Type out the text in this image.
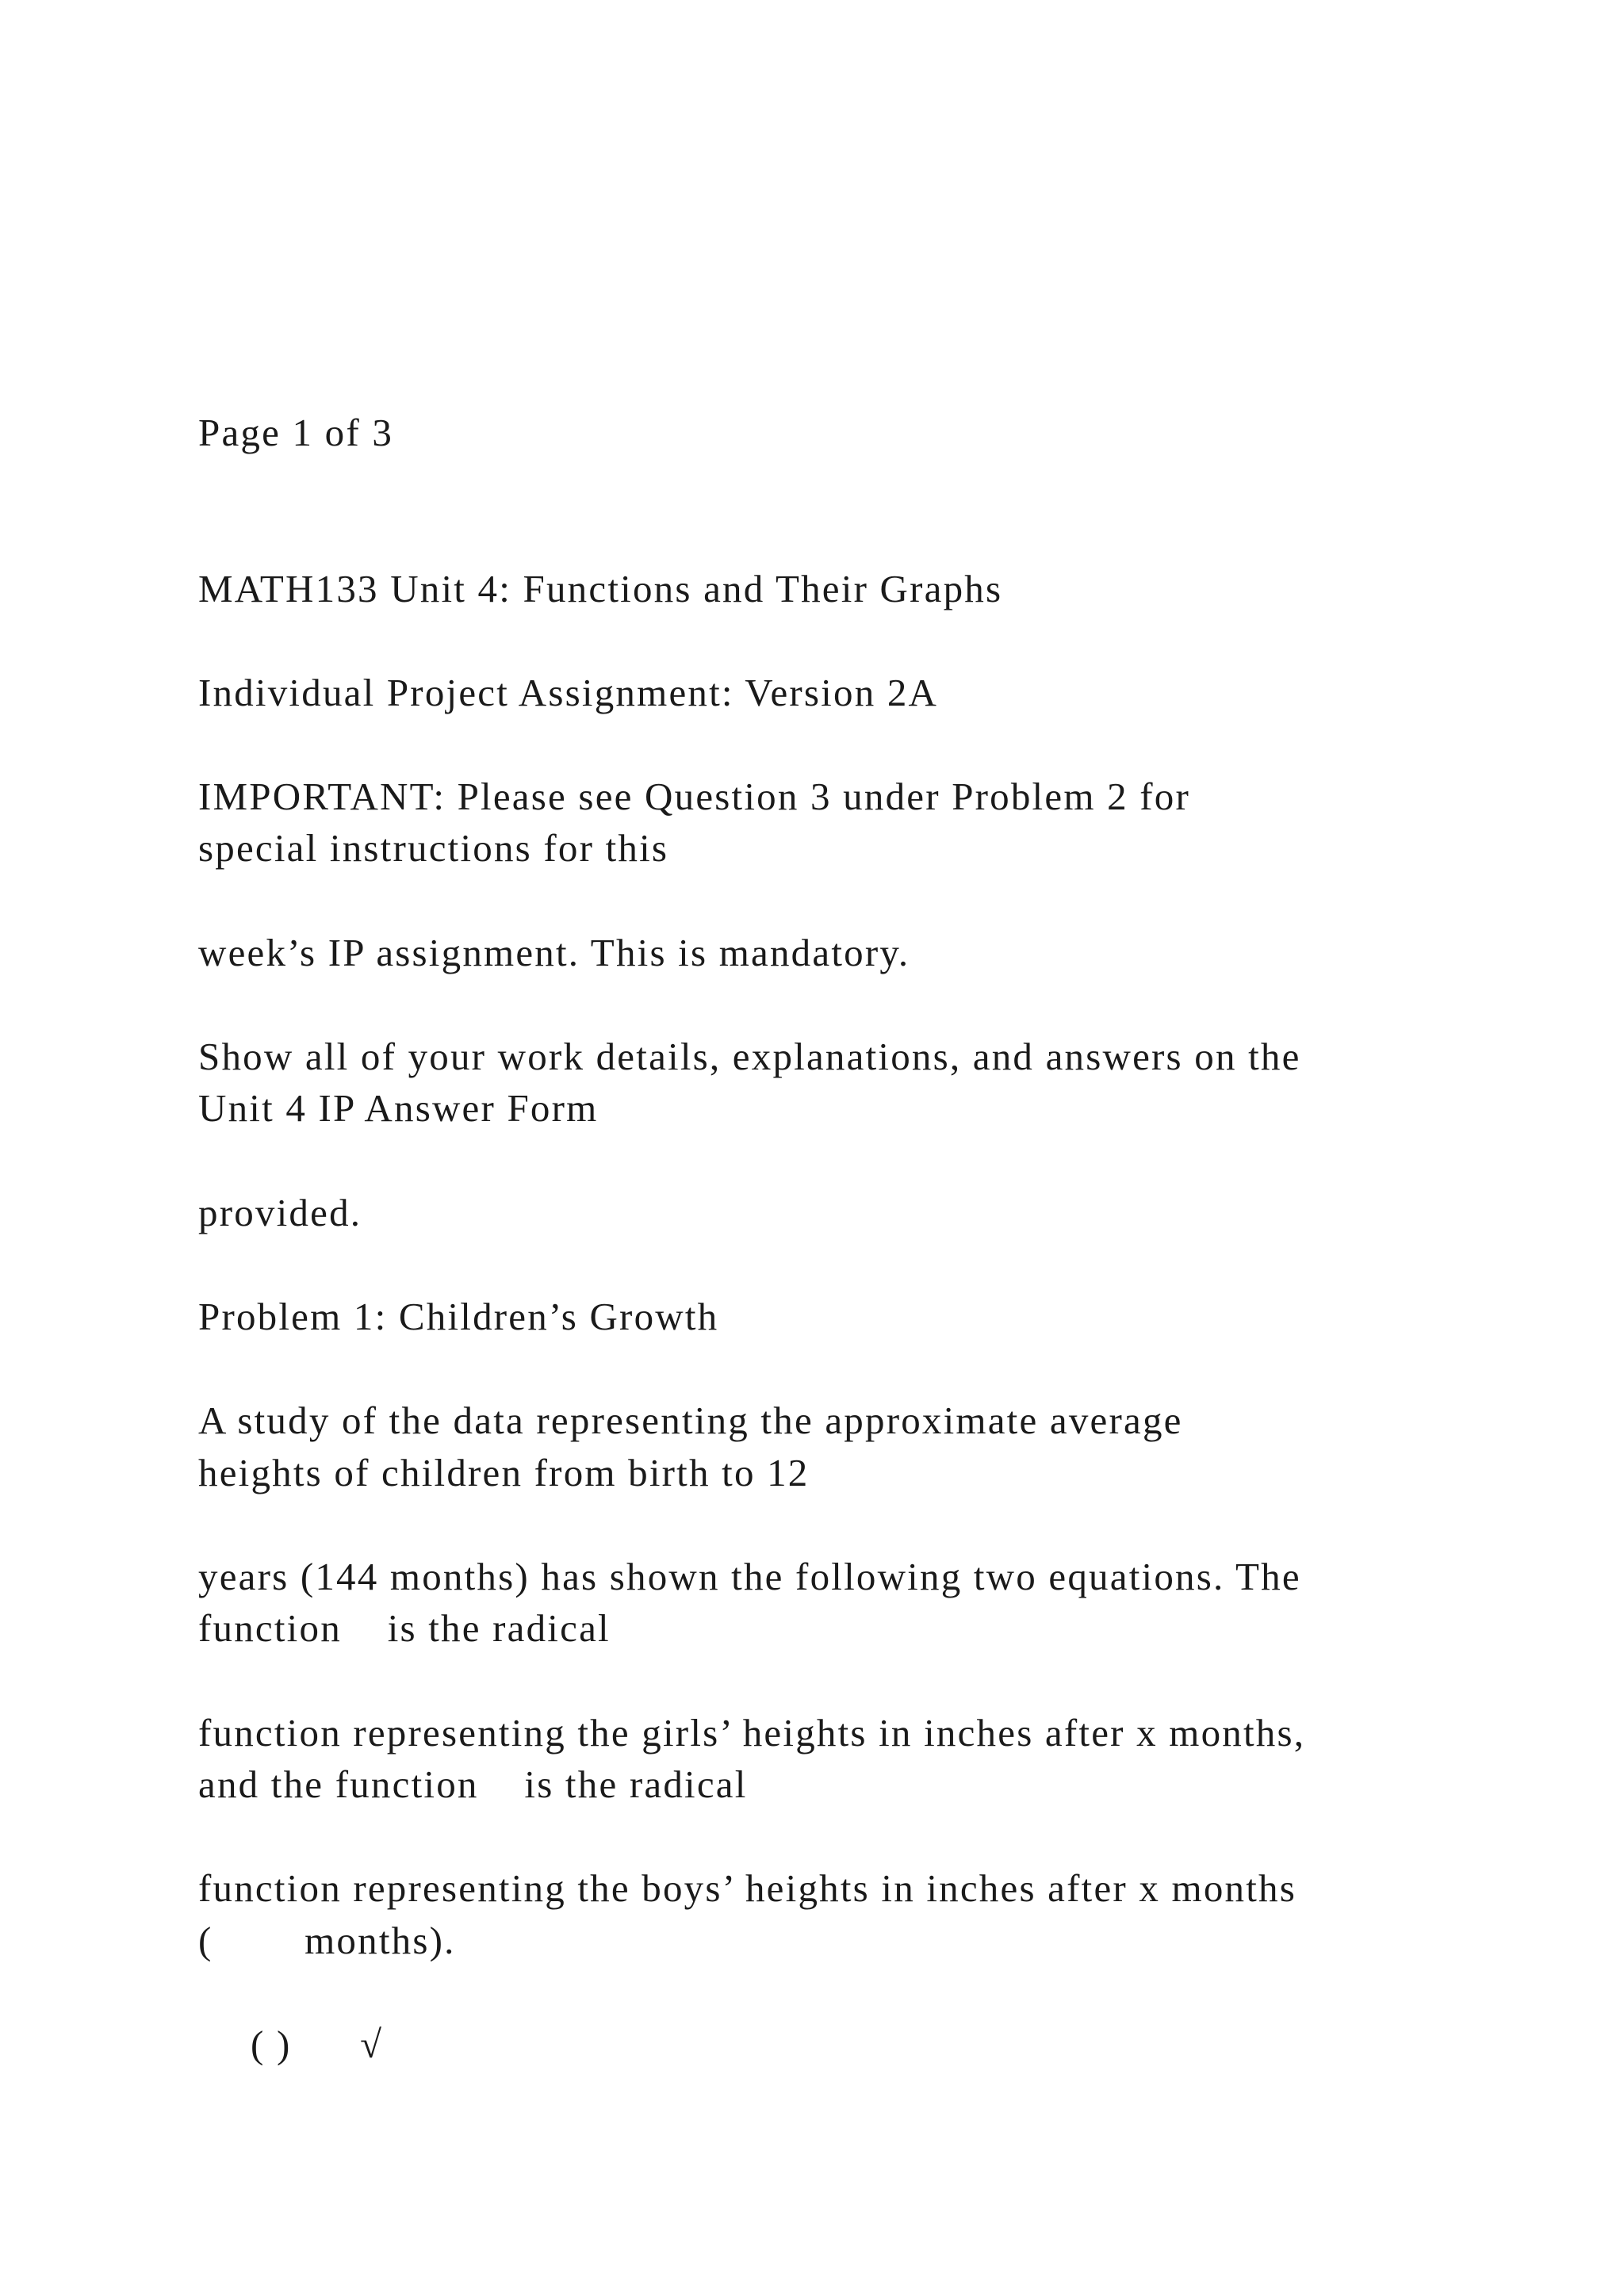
Page 1 of 3

MATH133 Unit 4: Functions and Their Graphs

Individual Project Assignment: Version 2A

IMPORTANT: Please see Question 3 under Problem 2 for

special instructions for this

week’s IP assignment. This is mandatory.

Show all of your work details, explanations, and answers on the

Unit 4 IP Answer Form

provided.

Problem 1: Children’s Growth

A study of the data representing the approximate average

heights of children from birth to 12

years (144 months) has shown the following two equations. The

function    is the radical

function representing the girls’ heights in inches after x months,

and the function    is the radical

function representing the boys’ heights in inches after x months

(        months).

( )      √
